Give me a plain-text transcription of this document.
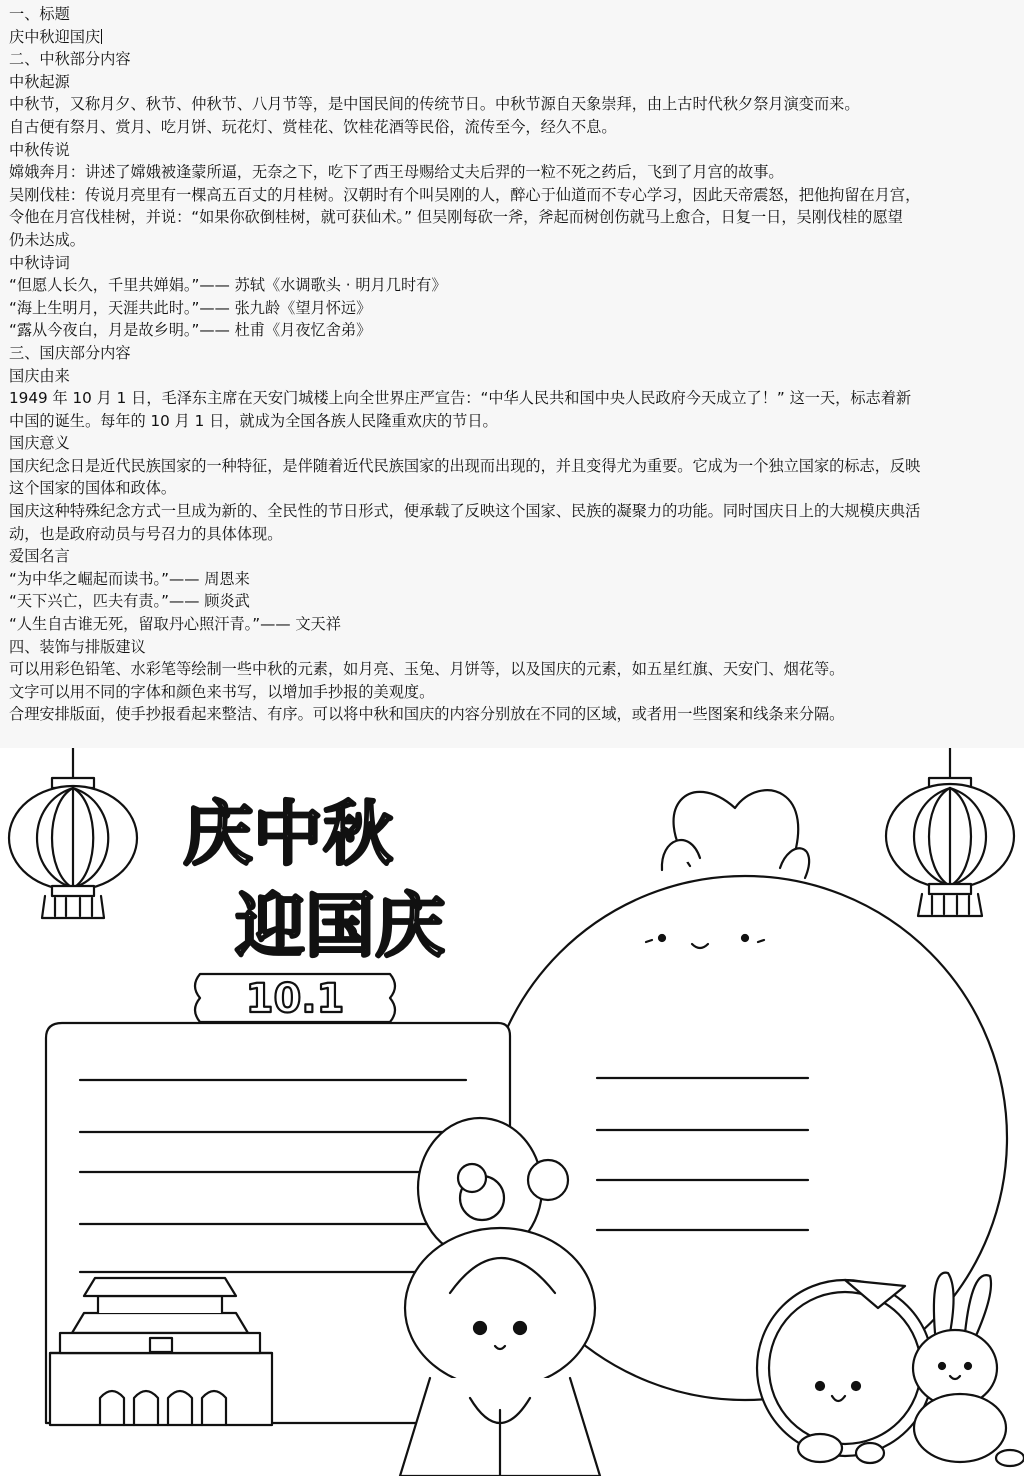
一、标题
庆中秋迎国庆
二、中秋部分内容
中秋起源
中秋节，又称月夕、秋节、仲秋节、八月节等，是中国民间的传统节日。中秋节源自天象崇拜，由上古时代秋夕祭月演变而来。
自古便有祭月、赏月、吃月饼、玩花灯、赏桂花、饮桂花酒等民俗，流传至今，经久不息。
中秋传说
嫦娥奔月：讲述了嫦娥被逢蒙所逼，无奈之下，吃下了西王母赐给丈夫后羿的一粒不死之药后，飞到了月宫的故事。
吴刚伐桂：传说月亮里有一棵高五百丈的月桂树。汉朝时有个叫吴刚的人，醉心于仙道而不专心学习，因此天帝震怒，把他拘留在月宫，
令他在月宫伐桂树，并说：“如果你砍倒桂树，就可获仙术。” 但吴刚每砍一斧，斧起而树创伤就马上愈合，日复一日，吴刚伐桂的愿望
仍未达成。
中秋诗词
“但愿人长久，千里共婵娟。”—— 苏轼《水调歌头 · 明月几时有》
“海上生明月，天涯共此时。”—— 张九龄《望月怀远》
“露从今夜白，月是故乡明。”—— 杜甫《月夜忆舍弟》
三、国庆部分内容
国庆由来
1949 年 10 月 1 日，毛泽东主席在天安门城楼上向全世界庄严宣告：“中华人民共和国中央人民政府今天成立了！” 这一天，标志着新
中国的诞生。每年的 10 月 1 日，就成为全国各族人民隆重欢庆的节日。
国庆意义
国庆纪念日是近代民族国家的一种特征，是伴随着近代民族国家的出现而出现的，并且变得尤为重要。它成为一个独立国家的标志，反映
这个国家的国体和政体。
国庆这种特殊纪念方式一旦成为新的、全民性的节日形式，便承载了反映这个国家、民族的凝聚力的功能。同时国庆日上的大规模庆典活
动，也是政府动员与号召力的具体体现。
爱国名言
“为中华之崛起而读书。”—— 周恩来
“天下兴亡，匹夫有责。”—— 顾炎武
“人生自古谁无死，留取丹心照汗青。”—— 文天祥
四、装饰与排版建议
可以用彩色铅笔、水彩笔等绘制一些中秋的元素，如月亮、玉兔、月饼等，以及国庆的元素，如五星红旗、天安门、烟花等。
文字可以用不同的字体和颜色来书写，以增加手抄报的美观度。
合理安排版面，使手抄报看起来整洁、有序。可以将中秋和国庆的内容分别放在不同的区域，或者用一些图案和线条来分隔。
10.1
庆中秋
迎国庆
